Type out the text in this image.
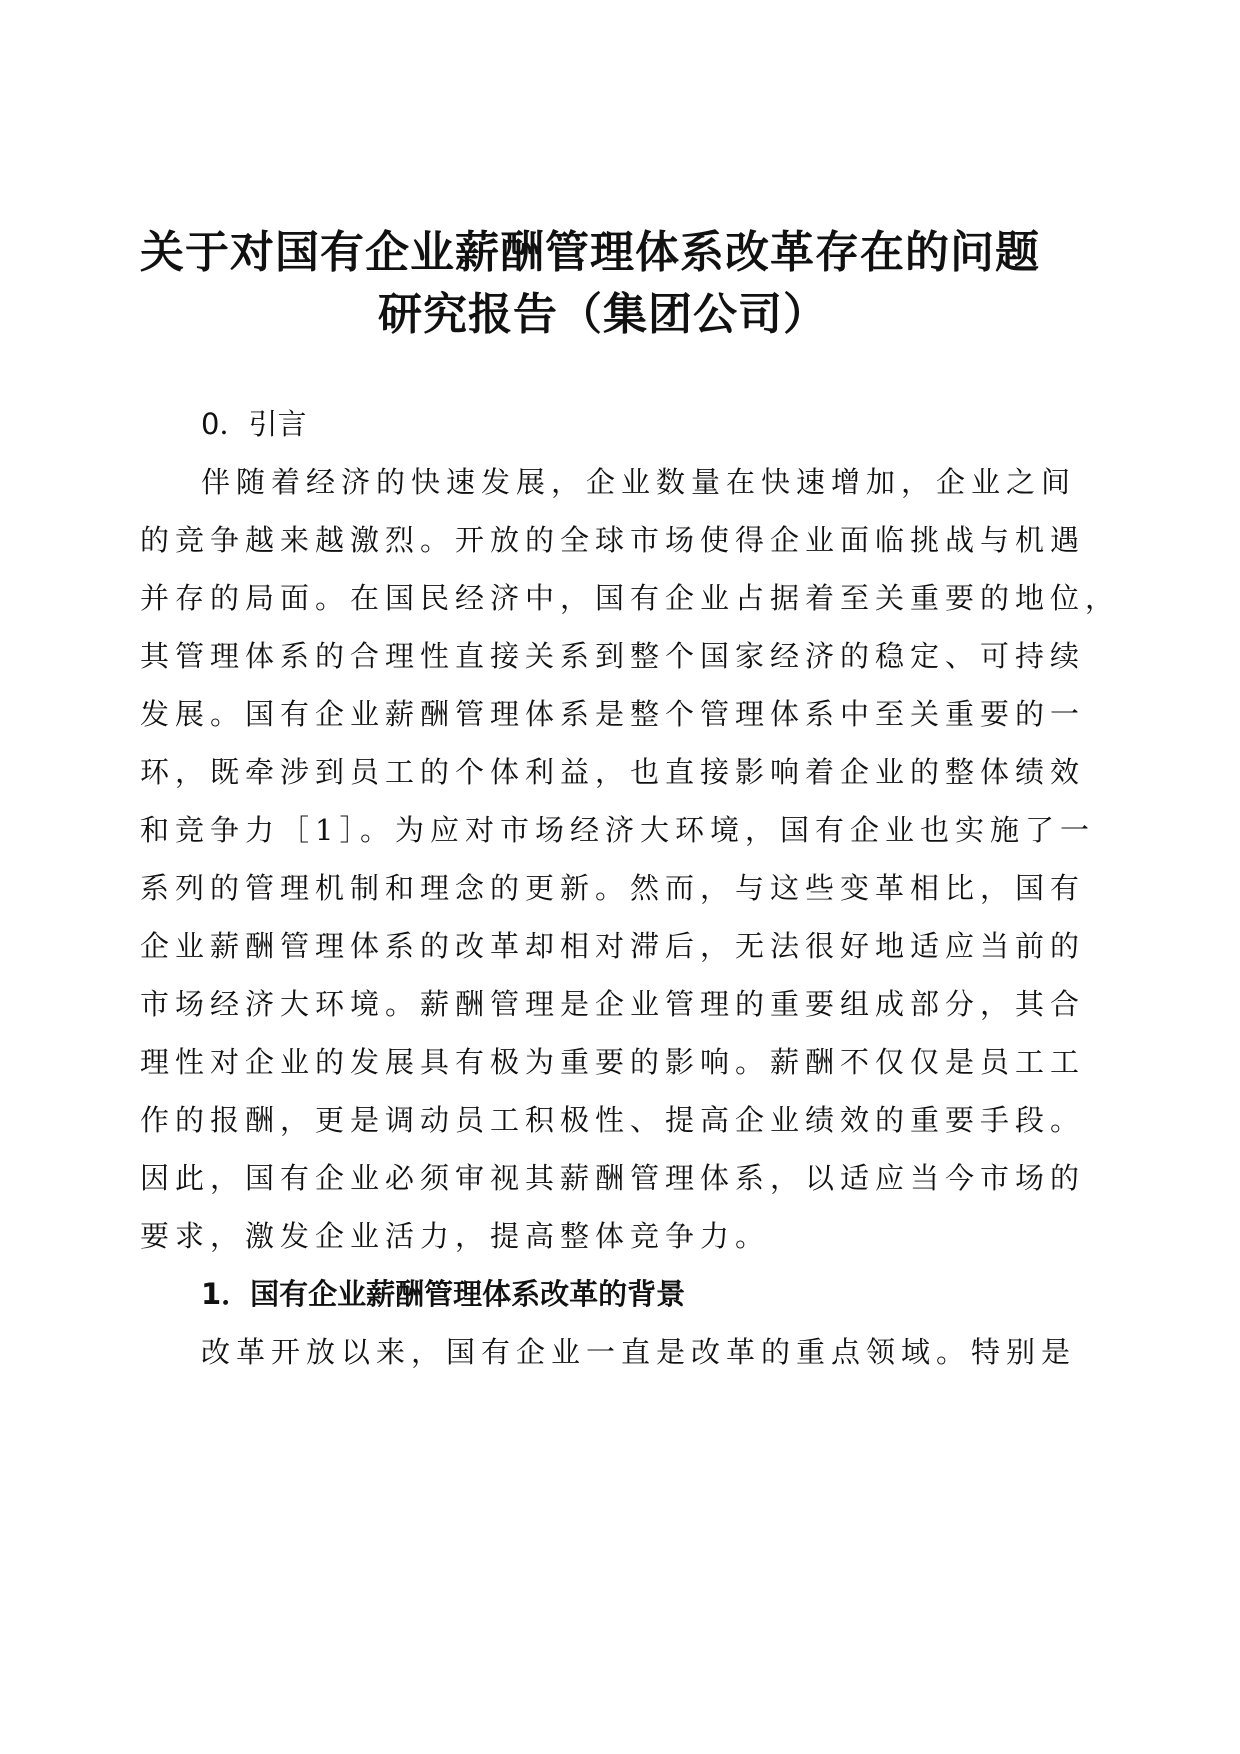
关于对国有企业薪酬管理体系改革存在的问题
研究报告（集团公司）
0．引言
伴随着经济的快速发展，企业数量在快速增加，企业之间
的竞争越来越激烈。开放的全球市场使得企业面临挑战与机遇
并存的局面。在国民经济中，国有企业占据着至关重要的地位，
其管理体系的合理性直接关系到整个国家经济的稳定、可持续
发展。国有企业薪酬管理体系是整个管理体系中至关重要的一
环，既牵涉到员工的个体利益，也直接影响着企业的整体绩效
和竞争力［1］。为应对市场经济大环境，国有企业也实施了一
系列的管理机制和理念的更新。然而，与这些变革相比，国有
企业薪酬管理体系的改革却相对滞后，无法很好地适应当前的
市场经济大环境。薪酬管理是企业管理的重要组成部分，其合
理性对企业的发展具有极为重要的影响。薪酬不仅仅是员工工
作的报酬，更是调动员工积极性、提高企业绩效的重要手段。
因此，国有企业必须审视其薪酬管理体系，以适应当今市场的
要求，激发企业活力，提高整体竞争力。
1．国有企业薪酬管理体系改革的背景
改革开放以来，国有企业一直是改革的重点领域。特别是
